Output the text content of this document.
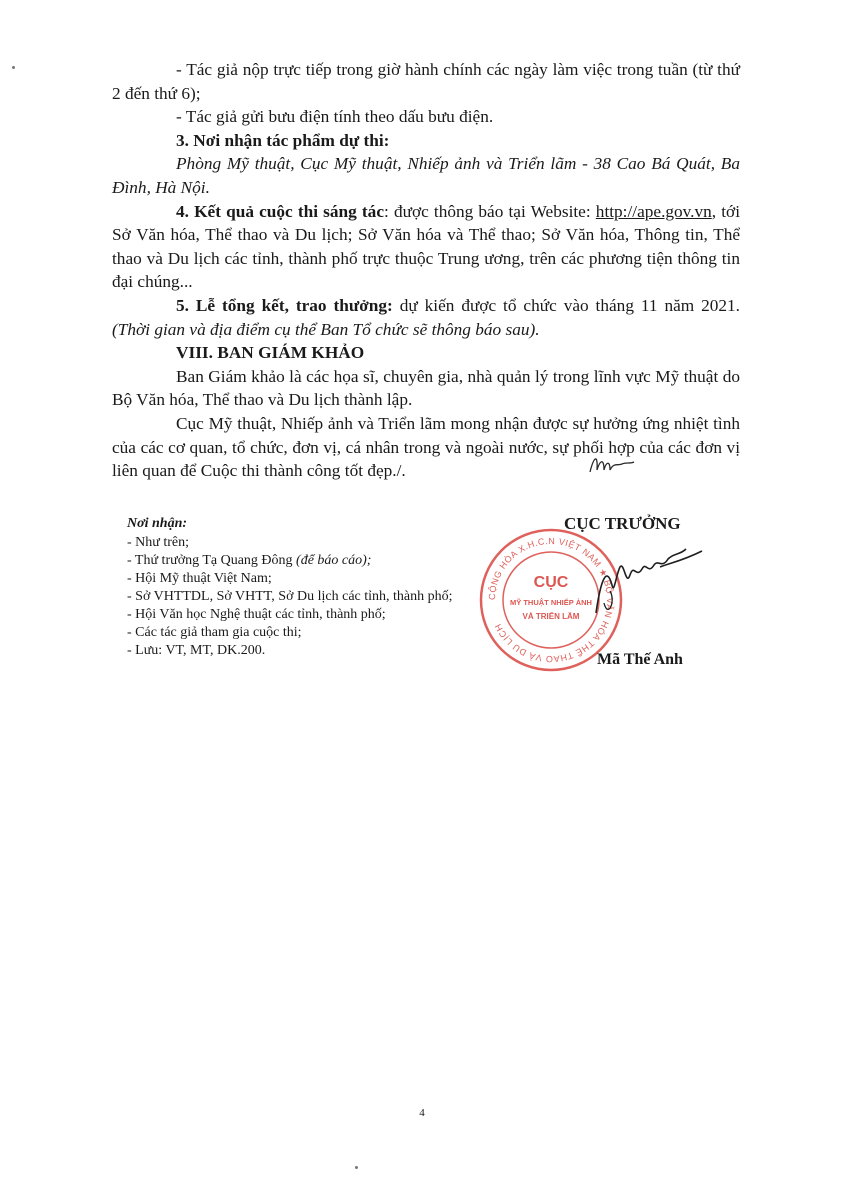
- Tác giả nộp trực tiếp trong giờ hành chính các ngày làm việc trong tuần (từ thứ 2 đến thứ 6);

- Tác giả gửi bưu điện tính theo dấu bưu điện.

3. Nơi nhận tác phẩm dự thi:

Phòng Mỹ thuật, Cục Mỹ thuật, Nhiếp ảnh và Triển lãm - 38 Cao Bá Quát, Ba Đình, Hà Nội.

4. Kết quả cuộc thi sáng tác: được thông báo tại Website: http://ape.gov.vn, tới Sở Văn hóa, Thể thao và Du lịch; Sở Văn hóa và Thể thao; Sở Văn hóa, Thông tin, Thể thao và Du lịch các tỉnh, thành phố trực thuộc Trung ương, trên các phương tiện thông tin đại chúng...

5. Lễ tổng kết, trao thưởng: dự kiến được tổ chức vào tháng 11 năm 2021. (Thời gian và địa điểm cụ thể Ban Tổ chức sẽ thông báo sau).

VIII. BAN GIÁM KHẢO

Ban Giám khảo là các họa sĩ, chuyên gia, nhà quản lý trong lĩnh vực Mỹ thuật do Bộ Văn hóa, Thể thao và Du lịch thành lập.

Cục Mỹ thuật, Nhiếp ảnh và Triển lãm mong nhận được sự hưởng ứng nhiệt tình của các cơ quan, tổ chức, đơn vị, cá nhân trong và ngoài nước, sự phối hợp của các đơn vị liên quan để Cuộc thi thành công tốt đẹp./.

Nơi nhận:
- Như trên;
- Thứ trưởng Tạ Quang Đông (để báo cáo);
- Hội Mỹ thuật Việt Nam;
- Sở VHTTDL, Sở VHTT, Sở Du lịch các tỉnh, thành phố;
- Hội Văn học Nghệ thuật các tỉnh, thành phố;
- Các tác giả tham gia cuộc thi;
- Lưu: VT, MT, DK.200.
CỤC TRƯỞNG
CỘNG HÒA X.H.C.N VIỆT NAM ★ BỘ VĂN HÓA THỂ THAO VÀ DU LỊCH
CỤC
MỸ THUẬT NHIẾP ẢNH
VÀ TRIỂN LÃM
Mã Thế Anh
4
